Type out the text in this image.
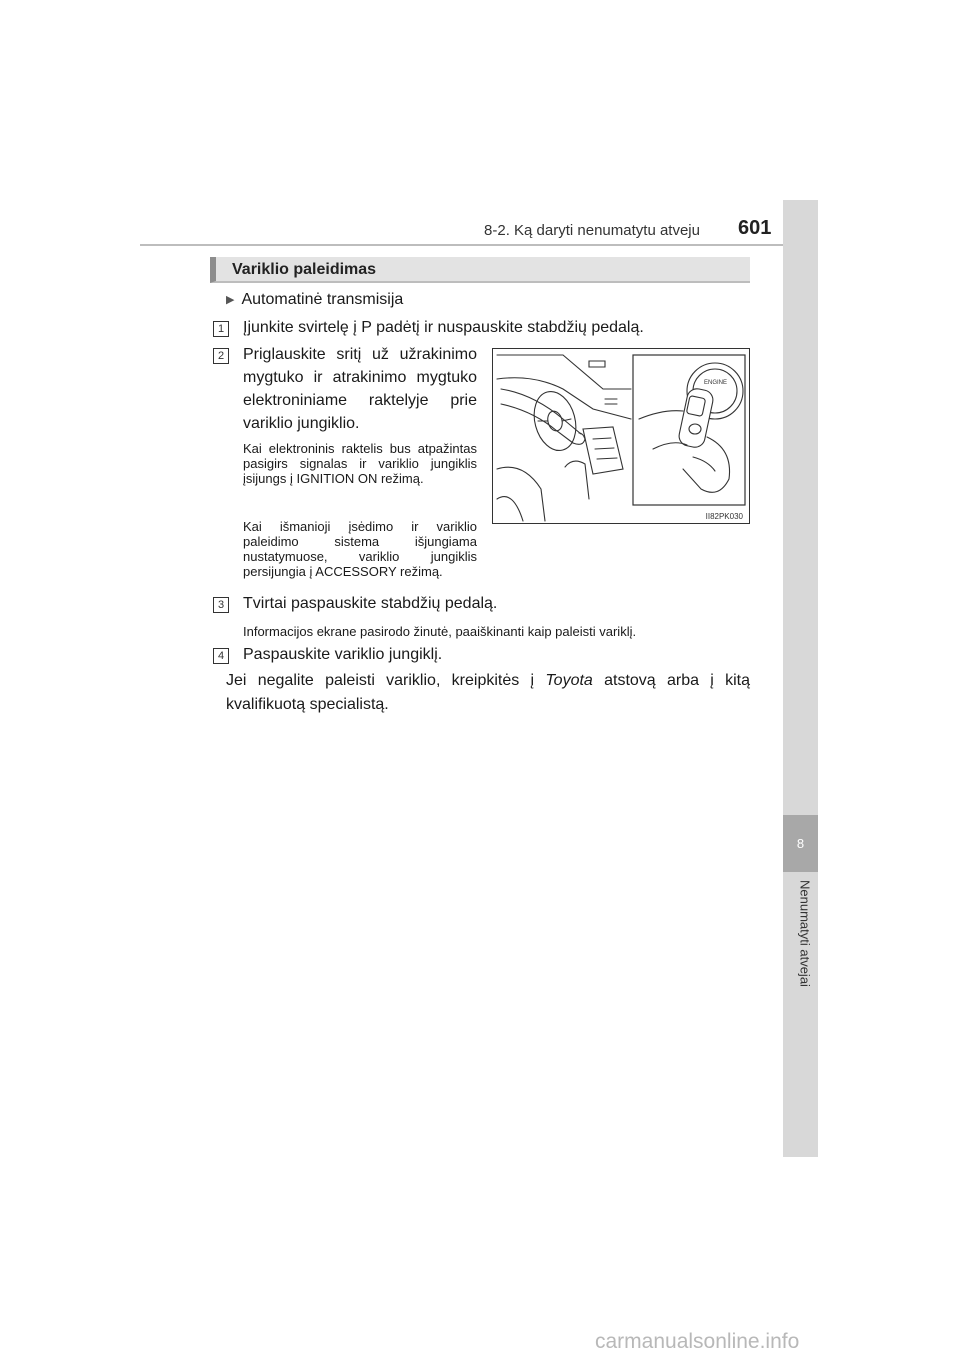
8-2. Ką daryti nenumatytu atveju 601
8
Nenumatyti atvejai
Variklio paleidimas
▶ Automatinė transmisija
1	Įjunkite svirtelę į P padėtį ir nuspauskite stabdžių pedalą.
2	Priglauskite sritį už užrakinimo mygtuko ir atrakinimo mygtuko elektroniniame raktelyje prie variklio jungiklio.
Kai elektroninis raktelis bus atpažintas pasigirs signalas ir variklio jungiklis įsijungs į IGNITION ON režimą.
Kai išmanioji įsėdimo ir variklio paleidimo sistema išjungiama nustatymuose, variklio jungiklis persijungia į ACCESSORY režimą.
ENGINE
II82PK030
3	Tvirtai paspauskite stabdžių pedalą.
Informacijos ekrane pasirodo žinutė, paaiškinanti kaip paleisti variklį.
4	Paspauskite variklio jungiklį.
Jei negalite paleisti variklio, kreipkitės į Toyota atstovą arba į kitą kvalifikuotą specialistą.
carmanualsonline.info
